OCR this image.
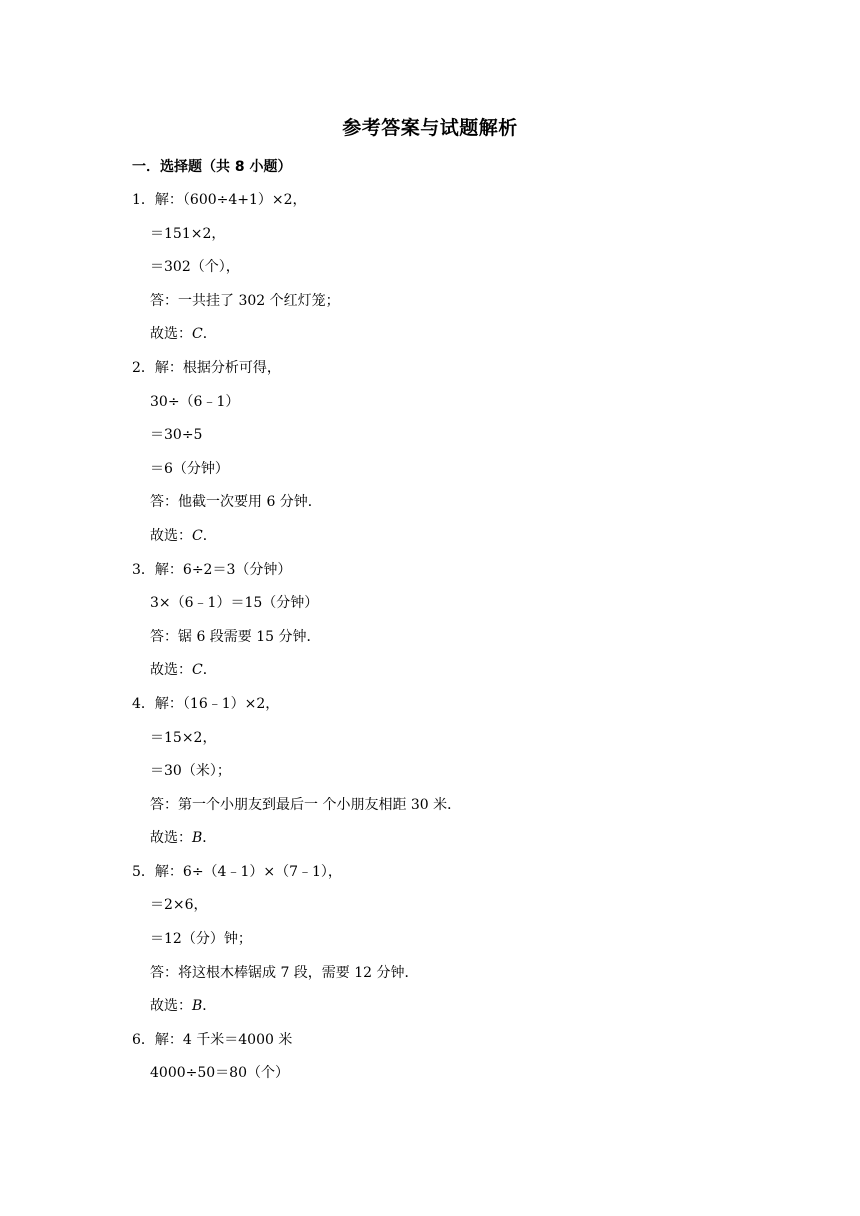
参考答案与试题解析
一．选择题（共 8 小题）
1．解：（600÷4+1）×2，
＝151×2，
＝302（个），
答：一共挂了 302 个红灯笼；
故选：C．
2．解：根据分析可得，
30÷（6﹣1）
＝30÷5
＝6（分钟）
答：他截一次要用 6 分钟．
故选：C．
3．解：6÷2＝3（分钟）
3×（6﹣1）＝15（分钟）
答：锯 6 段需要 15 分钟．
故选：C．
4．解：（16﹣1）×2，
＝15×2，
＝30（米）；
答：第一个小朋友到最后一 个小朋友相距 30 米．
故选：B．
5．解：6÷（4﹣1）×（7﹣1），
＝2×6，
＝12（分）钟；
答：将这根木棒锯成 7 段，需要 12 分钟．
故选：B．
6．解：4 千米＝4000 米
4000÷50＝80（个）
